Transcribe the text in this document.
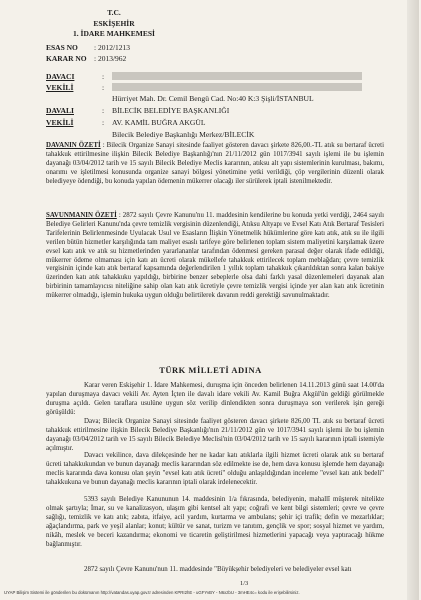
T.C.
ESKİŞEHİR
1. İDARE MAHKEMESİ
ESAS NO : 2012/1213
KARAR NO : 2013/962
DAVACI	:
VEKİLİ	:
Hürriyet Mah. Dr. Cemil Bengü Cad. No:40 K:3 Şişli/İSTANBUL
DAVALI	: BİLECİK BELEDİYE BAŞKANLIĞI
VEKİLİ	: AV. KAMİL BUĞRA AKGÜL
Bilecik Belediye Başkanlığı Merkez/BİLECİK
DAVANIN ÖZETİ : Bilecik Organize Sanayi sitesinde faaliyet gösteren davacı şirkete 826,00.-TL atık su bertaraf ücreti tahakkuk ettirilmesine ilişkin Bilecik Belediye Başkanlığı'nın 21/11/2012 gün 1017/3941 sayılı işlemi ile bu işlemin dayanağı 03/04/2012 tarih ve 15 sayılı Bilecik Belediye Meclis kararının, atıksu alt yapı sistemlerinin kurulması, bakımı, onarımı ve işletilmesi konusunda organize sanayi bölgesi yönetimine yetki verildiği, çöp vergilerinin düzenli olarak belediyeye ödendiği, bu konuda yapılan ödemenin mükerrer olacağı iler sürülerek iptali istenilmektedir.
SAVUNMANIN ÖZETİ : 2872 sayılı Çevre Kanunu'nu 11. maddesinin kendilerine bu konuda yetki verdiği, 2464 sayılı Belediye Gelirleri Kanunu'nda çevre temizlik vergisinin düzenlendiği, Atıksu Altyapı ve Evsel Katı Atık Bertaraf Tesisleri Tarifelerinin Belirlenmesinde Uyulacak Usul ve Esasların İlişkin Yönetmelik hükümlerine göre katı atık, atık su ile ilgili verilen bütün hizmetler karşılığında tam maliyet esaslı tarifeye göre belirlenen toplam sistem maliyetini karşılamak üzere evsel katı atık ve atık su hizmetlerinden yararlananlar tarafından ödenmesi gereken parasal değer olarak ifade edildiği, mükerrer ödeme olmaması için katı atı ücreti olarak mükellefe tahakkuk ettirilecek toplam meblağdan; çevre temizlik vergisinin içinde katı atık bertaraf kapsamında değerlendirilen 1 yıllık toplam tahakkuk çıkarıldıktan sonra kalan bakiye üzerinden katı atık tahakkuku yapıldığı, birbirine benzer sebeplerle olsa dahi farklı yasal düzenlemeleri dayanak alan birbirinin tamamlayıcısı niteliğine sahip olan katı atık ücretiyle çevre temizlik vergisi içinde yer alan katı atık ücretinin mükerrer olmadığı, işlemin hukuka uygun olduğu belirtilerek davanın reddi gerektiği savunulmaktadır.
TÜRK MİLLETİ ADINA
Karar veren Eskişehir 1. İdare Mahkemesi, duruşma için önceden belirlenen 14.11.2013 günü saat 14.00'da yapılan duruşmaya davacı vekili Av. Ayten İçten ile davalı idare vekili Av. Kamil Buğra Akgül'ün geldiği görülmekle duruşma açıldı. Gelen taraflara usulüne uygun söz verilip dinlendikten sonra duruşmaya son verilerek işin gereği görüşüldü:
Dava; Bilecik Organize Sanayi sitesinde faaliyet gösteren davacı şirkete 826,00 TL atık su bertaraf ücreti tahakkuk ettirilmesine ilişkin Bilecik Belediye Başkanlığı'nın 21/11/2012 gün ve 1017/3941 sayılı işlemi ile bu işlemin dayanağı 03/04/2012 tarih ve 15 sayılı Bilecik Belediye Meclisi'nin 03/04/2012 tarih ve 15 sayılı kararının iptali istemiyle açılmıştır.
Davacı vekilince, dava dilekçesinde her ne kadar katı atıklarla ilgili hizmet ücreti olarak atık su bertaraf ücreti tahakkukundan ve bunun dayanağı meclis kararından söz edilmekte ise de, hem dava konusu işlemde hem dayanağı meclis kararında dava konusu olan şeyin "evsel katı atık ücreti" olduğu anlaşıldığından inceleme "evsel katı atık bedeli" tahakkukuna ve bunun dayanağı meclis kararının iptali olarak irdelenecektir.
5393 sayılı Belediye Kanununun 14. maddesinin 1/a fıkrasında, belediyenin, mahallî müşterek nitelikte olmak şartıyla; İmar, su ve kanalizasyon, ulaşım gibi kentsel alt yapı; coğrafi ve kent bilgi sistemleri; çevre ve çevre sağlığı, temizlik ve katı atık; zabıta, itfaiye, acil yardım, kurtarma ve ambulans; şehir içi trafik; defin ve mezarlıklar; ağaçlandırma, park ve yeşil alanlar; konut; kültür ve sanat, turizm ve tanıtım, gençlik ve spor; sosyal hizmet ve yardım, nikâh, meslek ve beceri kazandırma; ekonomi ve ticaretin geliştirilmesi hizmetlerini yapacağı veya yaptıracağı hükme bağlanmıştır.
2872 sayılı Çevre Kanunu'nun 11. maddesinde "Büyükşehir belediyeleri ve belediyeler evsel katı
1/3
UYAP Bilişim Sistemi ile gönderilen bu dokümanın http://vatandas.uyap.gov.tr adresinden KPRI2hE - uGFYvBY - N6xzbU - 3mHE4c= kodu ile erişebilirsiniz.
